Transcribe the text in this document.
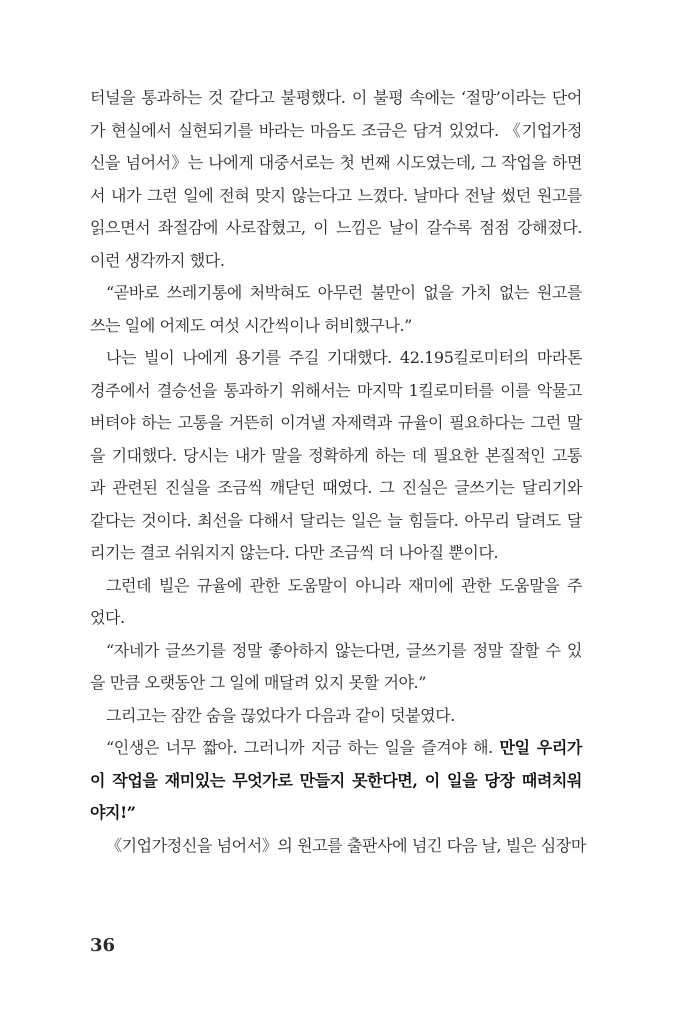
터널을 통과하는 것 같다고 불평했다. 이 불평 속에는 ‘절망’이라는 단어
가 현실에서 실현되기를 바라는 마음도 조금은 담겨 있었다. 《기업가정
신을 넘어서》는 나에게 대중서로는 첫 번째 시도였는데, 그 작업을 하면
서 내가 그런 일에 전혀 맞지 않는다고 느꼈다. 날마다 전날 썼던 원고를
읽으면서 좌절감에 사로잡혔고, 이 느낌은 날이 갈수록 점점 강해졌다.
이런 생각까지 했다.
“곧바로 쓰레기통에 처박혀도 아무런 불만이 없을 가치 없는 원고를
쓰는 일에 어제도 여섯 시간씩이나 허비했구나.”
나는 빌이 나에게 용기를 주길 기대했다. 42.195킬로미터의 마라톤
경주에서 결승선을 통과하기 위해서는 마지막 1킬로미터를 이를 악물고
버텨야 하는 고통을 거뜬히 이겨낼 자제력과 규율이 필요하다는 그런 말
을 기대했다. 당시는 내가 말을 정확하게 하는 데 필요한 본질적인 고통
과 관련된 진실을 조금씩 깨닫던 때였다. 그 진실은 글쓰기는 달리기와
같다는 것이다. 최선을 다해서 달리는 일은 늘 힘들다. 아무리 달려도 달
리기는 결코 쉬워지지 않는다. 다만 조금씩 더 나아질 뿐이다.
그런데 빌은 규율에 관한 도움말이 아니라 재미에 관한 도움말을 주
었다.
“자네가 글쓰기를 정말 좋아하지 않는다면, 글쓰기를 정말 잘할 수 있
을 만큼 오랫동안 그 일에 매달려 있지 못할 거야.”
그리고는 잠깐 숨을 끊었다가 다음과 같이 덧붙였다.
“인생은 너무 짧아. 그러니까 지금 하는 일을 즐겨야 해. 만일 우리가
이 작업을 재미있는 무엇가로 만들지 못한다면, 이 일을 당장 때려치워
야지!”
《기업가정신을 넘어서》의 원고를 출판사에 넘긴 다음 날, 빌은 심장마
36
